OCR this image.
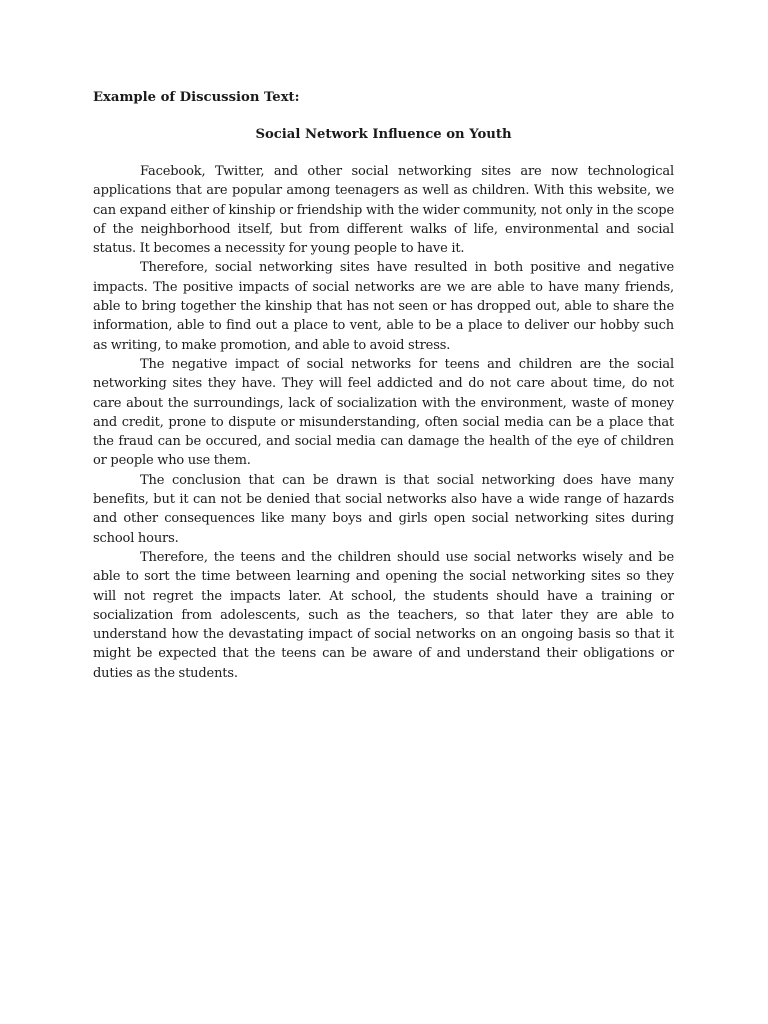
Example of Discussion Text:

Social Network Influence on Youth

Facebook, Twitter, and other social networking sites are now technological applications that are popular among teenagers as well as children. With this website, we can expand either of kinship or friendship with the wider community, not only in the scope of the neighborhood itself, but from different walks of life, environmental and social status. It becomes a necessity for young people to have it.

Therefore, social networking sites have resulted in both positive and negative impacts. The positive impacts of social networks are we are able to have many friends, able to bring together the kinship that has not seen or has dropped out, able to share the information, able to find out a place to vent, able to be a place to deliver our hobby such as writing, to make promotion, and able to avoid stress.

The negative impact of social networks for teens and children are the social networking sites they have. They will feel addicted and do not care about time, do not care about the surroundings, lack of socialization with the environment, waste of money and credit, prone to dispute or misunderstanding, often social media can be a place that the fraud can be occured, and social media can damage the health of the eye of children or people who use them.

The conclusion that can be drawn is that social networking does have many benefits, but it can not be denied that social networks also have a wide range of hazards and other consequences like many boys and girls open social networking sites during school hours.

Therefore, the teens and the children should use social networks wisely and be able to sort the time between learning and opening the social networking sites so they will not regret the impacts later. At school, the students should have a training or socialization from adolescents, such as the teachers, so that later they are able to understand how the devastating impact of social networks on an ongoing basis so that it might be expected that the teens can be aware of and understand their obligations or duties as the students.
